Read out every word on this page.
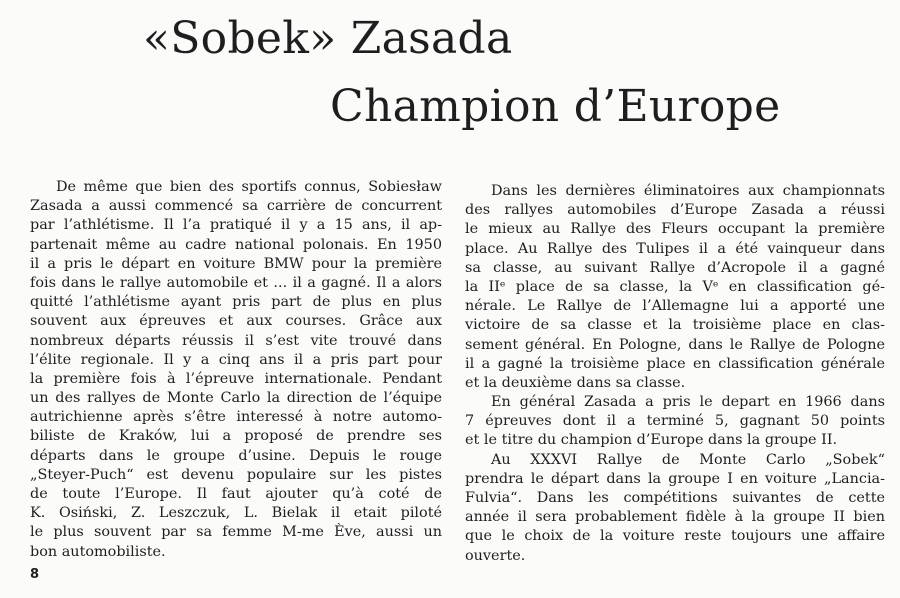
«Sobek» Zasada
Champion d’Europe
De même que bien des sportifs connus, Sobiesław
Zasada a aussi commencé sa carrière de concurrent
par l’athlétisme. Il l’a pratiqué il y a 15 ans, il ap-
partenait même au cadre national polonais. En 1950
il a pris le départ en voiture BMW pour la première
fois dans le rallye automobile et ... il a gagné. Il a alors
quitté l’athlétisme ayant pris part de plus en plus
souvent aux épreuves et aux courses. Grâce aux
nombreux départs réussis il s’est vite trouvé dans
l’élite regionale. Il y a cinq ans il a pris part pour
la première fois à l’épreuve internationale. Pendant
un des rallyes de Monte Carlo la direction de l’équipe
autrichienne après s’être interessé à notre automo-
biliste de Kraków, lui a proposé de prendre ses
départs dans le groupe d’usine. Depuis le rouge
„Steyer-Puch“ est devenu populaire sur les pistes
de toute l’Europe. Il faut ajouter qu’à coté de
K. Osiński, Z. Leszczuk, L. Bielak il etait piloté
le plus souvent par sa femme M-me Ève, aussi un
bon automobiliste.
Dans les dernières éliminatoires aux championnats
des rallyes automobiles d’Europe Zasada a réussi
le mieux au Rallye des Fleurs occupant la première
place. Au Rallye des Tulipes il a été vainqueur dans
sa classe, au suivant Rallye d’Acropole il a gagné
la IIᵉ place de sa classe, la Vᵉ en classification gé-
nérale. Le Rallye de l’Allemagne lui a apporté une
victoire de sa classe et la troisième place en clas-
sement général. En Pologne, dans le Rallye de Pologne
il a gagné la troisième place en classification générale
et la deuxième dans sa classe.
En général Zasada a pris le depart en 1966 dans
7 épreuves dont il a terminé 5, gagnant 50 points
et le titre du champion d’Europe dans la groupe II.
Au XXXVI Rallye de Monte Carlo „Sobek“
prendra le départ dans la groupe I en voiture „Lancia-
Fulvia“. Dans les compétitions suivantes de cette
année il sera probablement fidèle à la groupe II bien
que le choix de la voiture reste toujours une affaire
ouverte.
8
